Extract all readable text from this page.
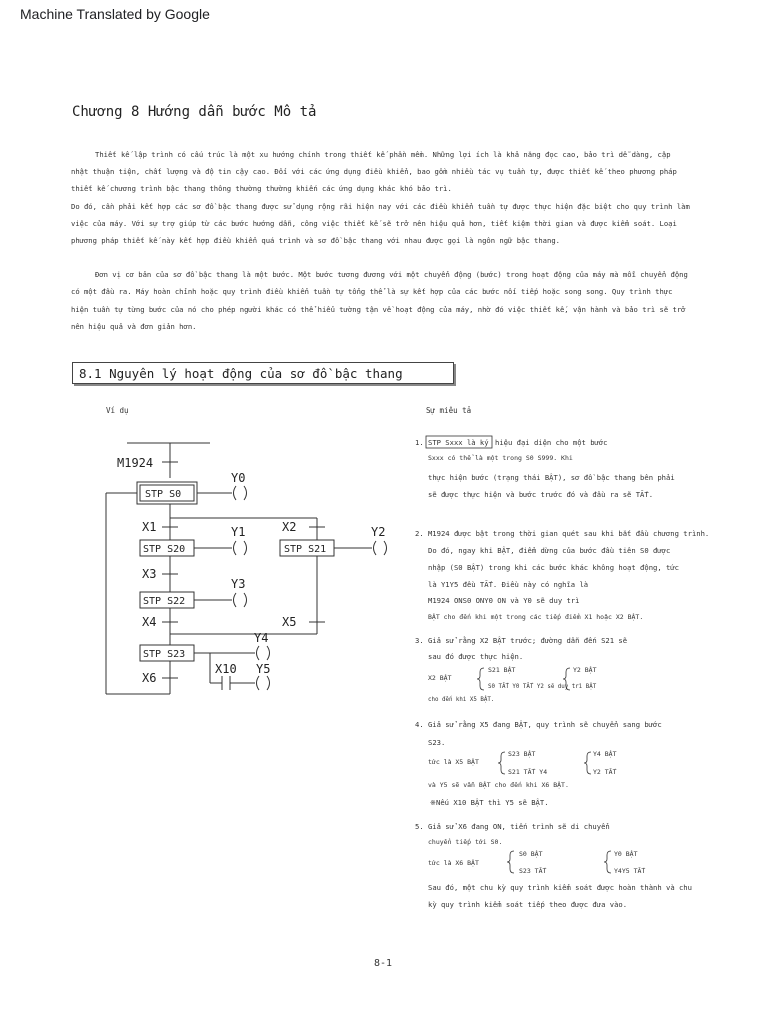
Machine Translated by Google
Chương 8 Hướng dẫn bước Mô tả

Thiết kế lập trình có cấu trúc là một xu hướng chính trong thiết kế phần mềm. Những lợi ích là khả năng đọc cao, bảo trì dễ dàng, cập nhật thuận tiện, chất lượng và độ tin cậy cao. Đối với các ứng dụng điều khiển, bao gồm nhiều tác vụ tuần tự, được thiết kế theo phương pháp thiết kế chương trình bậc thang thông thường thường khiến các ứng dụng khác khó bảo trì.

Do đó, cần phải kết hợp các sơ đồ bậc thang được sử dụng rộng rãi hiện nay với các điều khiển tuần tự được thực hiện đặc biệt cho quy trình làm việc của máy. Với sự trợ giúp từ các bước hướng dẫn, công việc thiết kế sẽ trở nên hiệu quả hơn, tiết kiệm thời gian và được kiểm soát. Loại phương pháp thiết kế này kết hợp điều khiển quá trình và sơ đồ bậc thang với nhau được gọi là ngôn ngữ bậc thang.

Đơn vị cơ bản của sơ đồ bậc thang là một bước. Một bước tương đương với một chuyển động (bước) trong hoạt động của máy mà mỗi chuyển động có một đầu ra. Máy hoàn chỉnh hoặc quy trình điều khiển tuần tự tổng thể là sự kết hợp của các bước nối tiếp hoặc song song. Quy trình thực hiện tuần tự từng bước của nó cho phép người khác có thể hiểu tường tận về hoạt động của máy, nhờ đó việc thiết kế, vận hành và bảo trì sẽ trở nên hiệu quả và đơn giản hơn.

8.1 Nguyên lý hoạt động của sơ đồ bậc thang
Ví dụ	Sự miêu tả
M1924
Y0
STP S0
X1	Y1	X2	Y2
STP S20	STP S21
X3
Y3
STP S22
X4	X5
Y4
STP S23
X10 Y5
X6
1. STP Sxxx là ký hiệu đại diện cho một bước
Sxxx có thể là một trong S0 S999. Khi
thực hiện bước (trạng thái BẬT), sơ đồ bậc thang bên phải
sẽ được thực hiện và bước trước đó và đầu ra sẽ TẮT.
2. M1924 được bật trong thời gian quét sau khi bắt đầu chương trình.
Do đó, ngay khi BẬT, điểm dừng của bước đầu tiên S0 được
nhập (S0 BẬT) trong khi các bước khác không hoạt động, tức
là Y1Y5 đều TẮT. Điều này có nghĩa là
M1924 ONS0 ONY0 ON và Y0 sẽ duy trì
BẬT cho đến khi một trong các tiếp điểm X1 hoặc X2 BẬT.
3. Giả sử rằng X2 BẬT trước; đường dẫn đến S21 sẽ
sau đó được thực hiện.
X2 BẬT
S21 BẬT	Y2 BẬT
S0 TẮT Y0 TẮT Y2 sẽ duy trì BẬT
cho đến khi X5 BẬT.
4. Giả sử rằng X5 đang BẬT, quy trình sẽ chuyển sang bước
S23.
tức là X5 BẬT
S23 BẬT	Y4 BẬT
S21 TẮT Y4	Y2 TẮT
và Y5 sẽ vẫn BẬT cho đến khi X6 BẬT.
※Nếu X10 BẬT thì Y5 sẽ BẬT.
5. Giả sử X6 đang ON, tiến trình sẽ di chuyển
chuyển tiếp tới S0.
tức là X6 BẬT
S0 BẬT	Y0 BẬT
S23 TẮT	Y4Y5 TẮT
Sau đó, một chu kỳ quy trình kiểm soát được hoàn thành và chu
kỳ quy trình kiểm soát tiếp theo được đưa vào.
8-1
